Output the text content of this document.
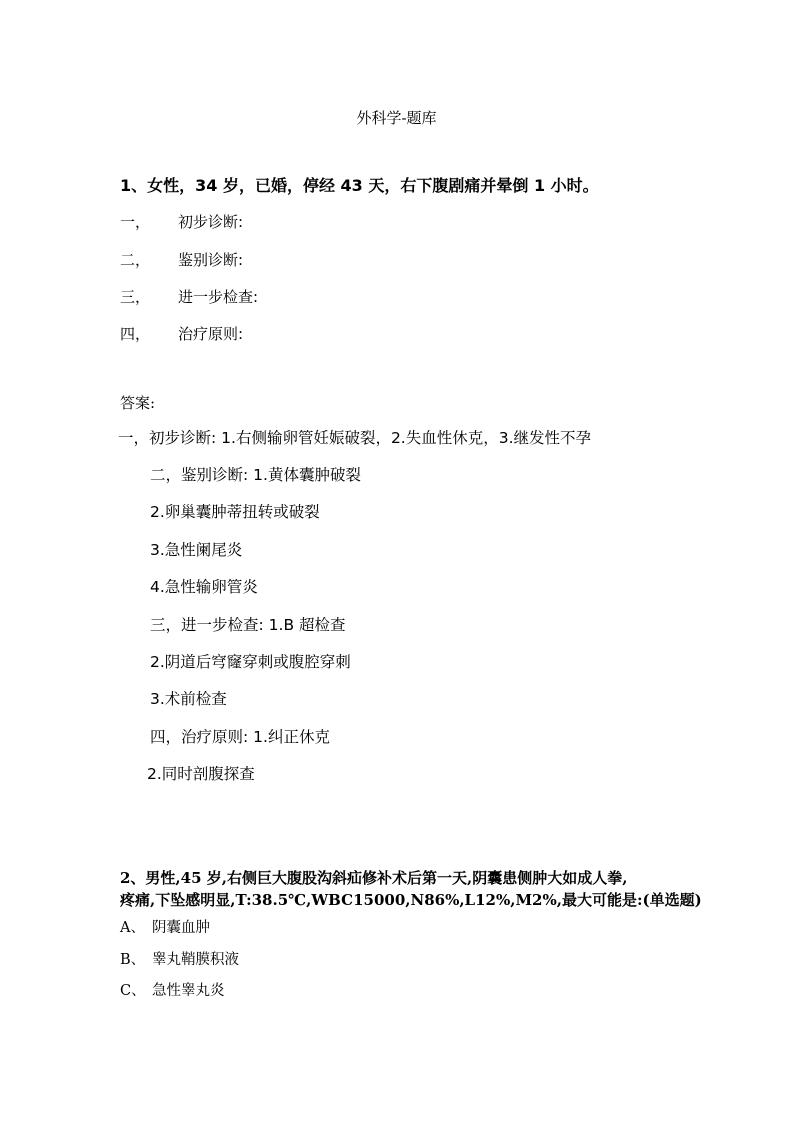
外科学-题库
1、女性，34 岁，已婚，停经 43 天，右下腹剧痛并晕倒 1 小时。
一， 初步诊断:
二， 鉴别诊断:
三， 进一步检查:
四， 治疗原则:
答案:
一，初步诊断: 1.右侧输卵管妊娠破裂，2.失血性休克，3.继发性不孕
二，鉴别诊断: 1.黄体囊肿破裂
2.卵巢囊肿蒂扭转或破裂
3.急性阑尾炎
4.急性输卵管炎
三，进一步检查: 1.B 超检查
2.阴道后穹窿穿刺或腹腔穿刺
3.术前检查
四，治疗原则: 1.纠正休克
2.同时剖腹探查
2、男性,45 岁,右侧巨大腹股沟斜疝修补术后第一天,阴囊患侧肿大如成人拳,
疼痛,下坠感明显,T:38.5℃,WBC15000,N86%,L12%,M2%,最大可能是:(单选题)
A、 阴囊血肿
B、 睾丸鞘膜积液
C、 急性睾丸炎
